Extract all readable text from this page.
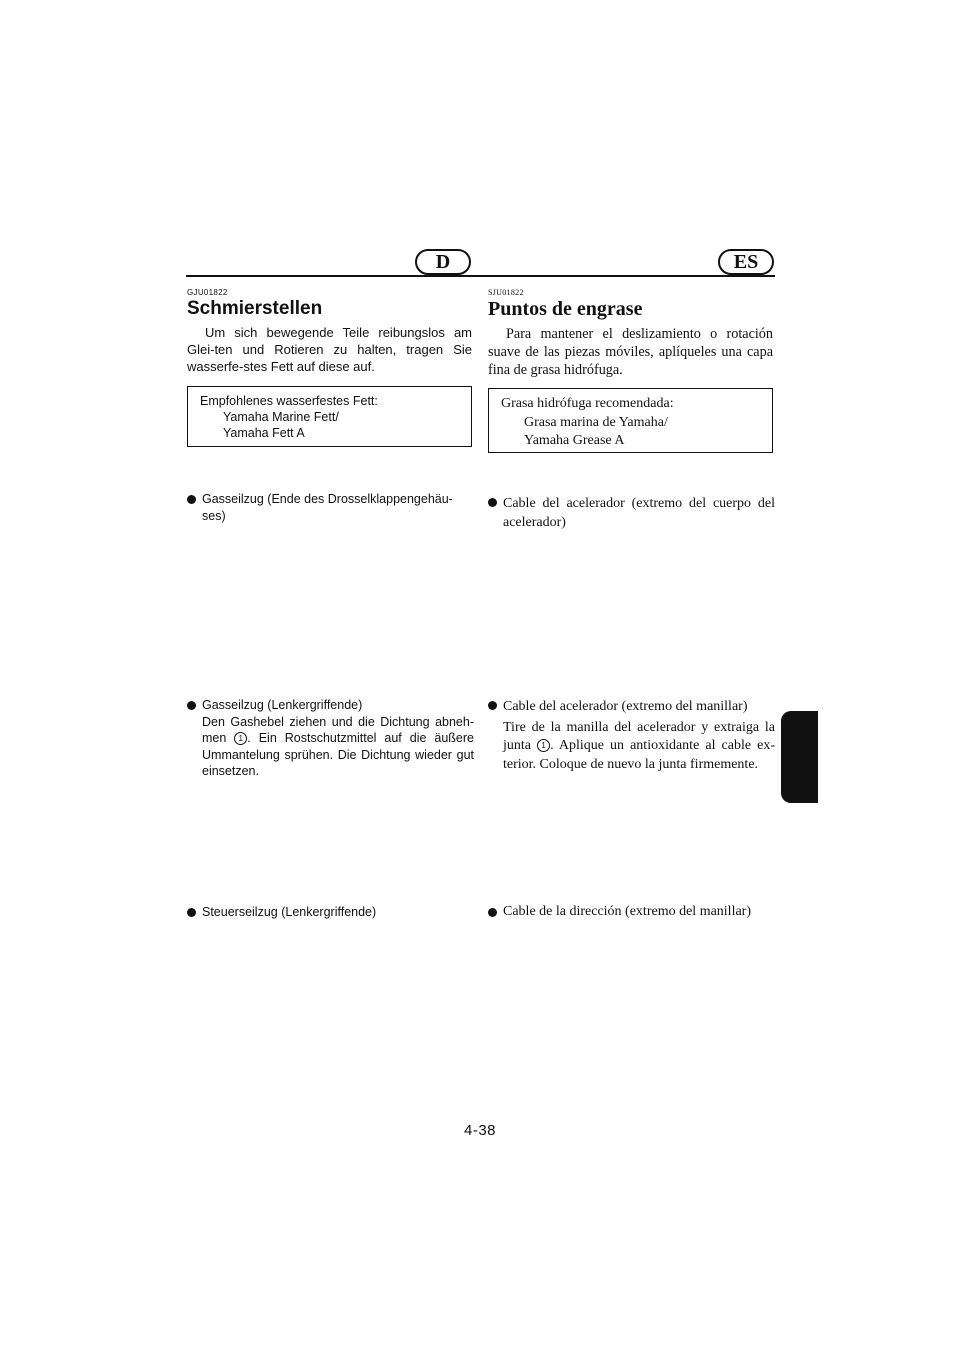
D	ES

GJU01822

Schmierstellen

Um sich bewegende Teile reibungslos am Glei-ten und Rotieren zu halten, tragen Sie wasserfe-stes Fett auf diese auf.

Empfohlenes wasserfestes Fett:
Yamaha Marine Fett/
Yamaha Fett A
Gasseilzug (Ende des Drosselklappengehäu-ses)
Gasseilzug (Lenkergriffende)
Den Gashebel ziehen und die Dichtung abneh-men 1 . Ein Rostschutzmittel auf die äußere Ummantelung sprühen. Die Dichtung wieder gut einsetzen.
Steuerseilzug (Lenkergriffende)

SJU01822

Puntos de engrase

Para mantener el deslizamiento o rotación suave de las piezas móviles, aplíqueles una capa fina de grasa hidrófuga.

Grasa hidrófuga recomendada:
Grasa marina de Yamaha/
Yamaha Grease A
Cable del acelerador (extremo del cuerpo del acelerador)
Cable del acelerador (extremo del manillar)
Tire de la manilla del acelerador y extraiga la junta 1 . Aplique un antioxidante al cable ex-terior. Coloque de nuevo la junta firmemente.
Cable de la dirección (extremo del manillar)
4-38
